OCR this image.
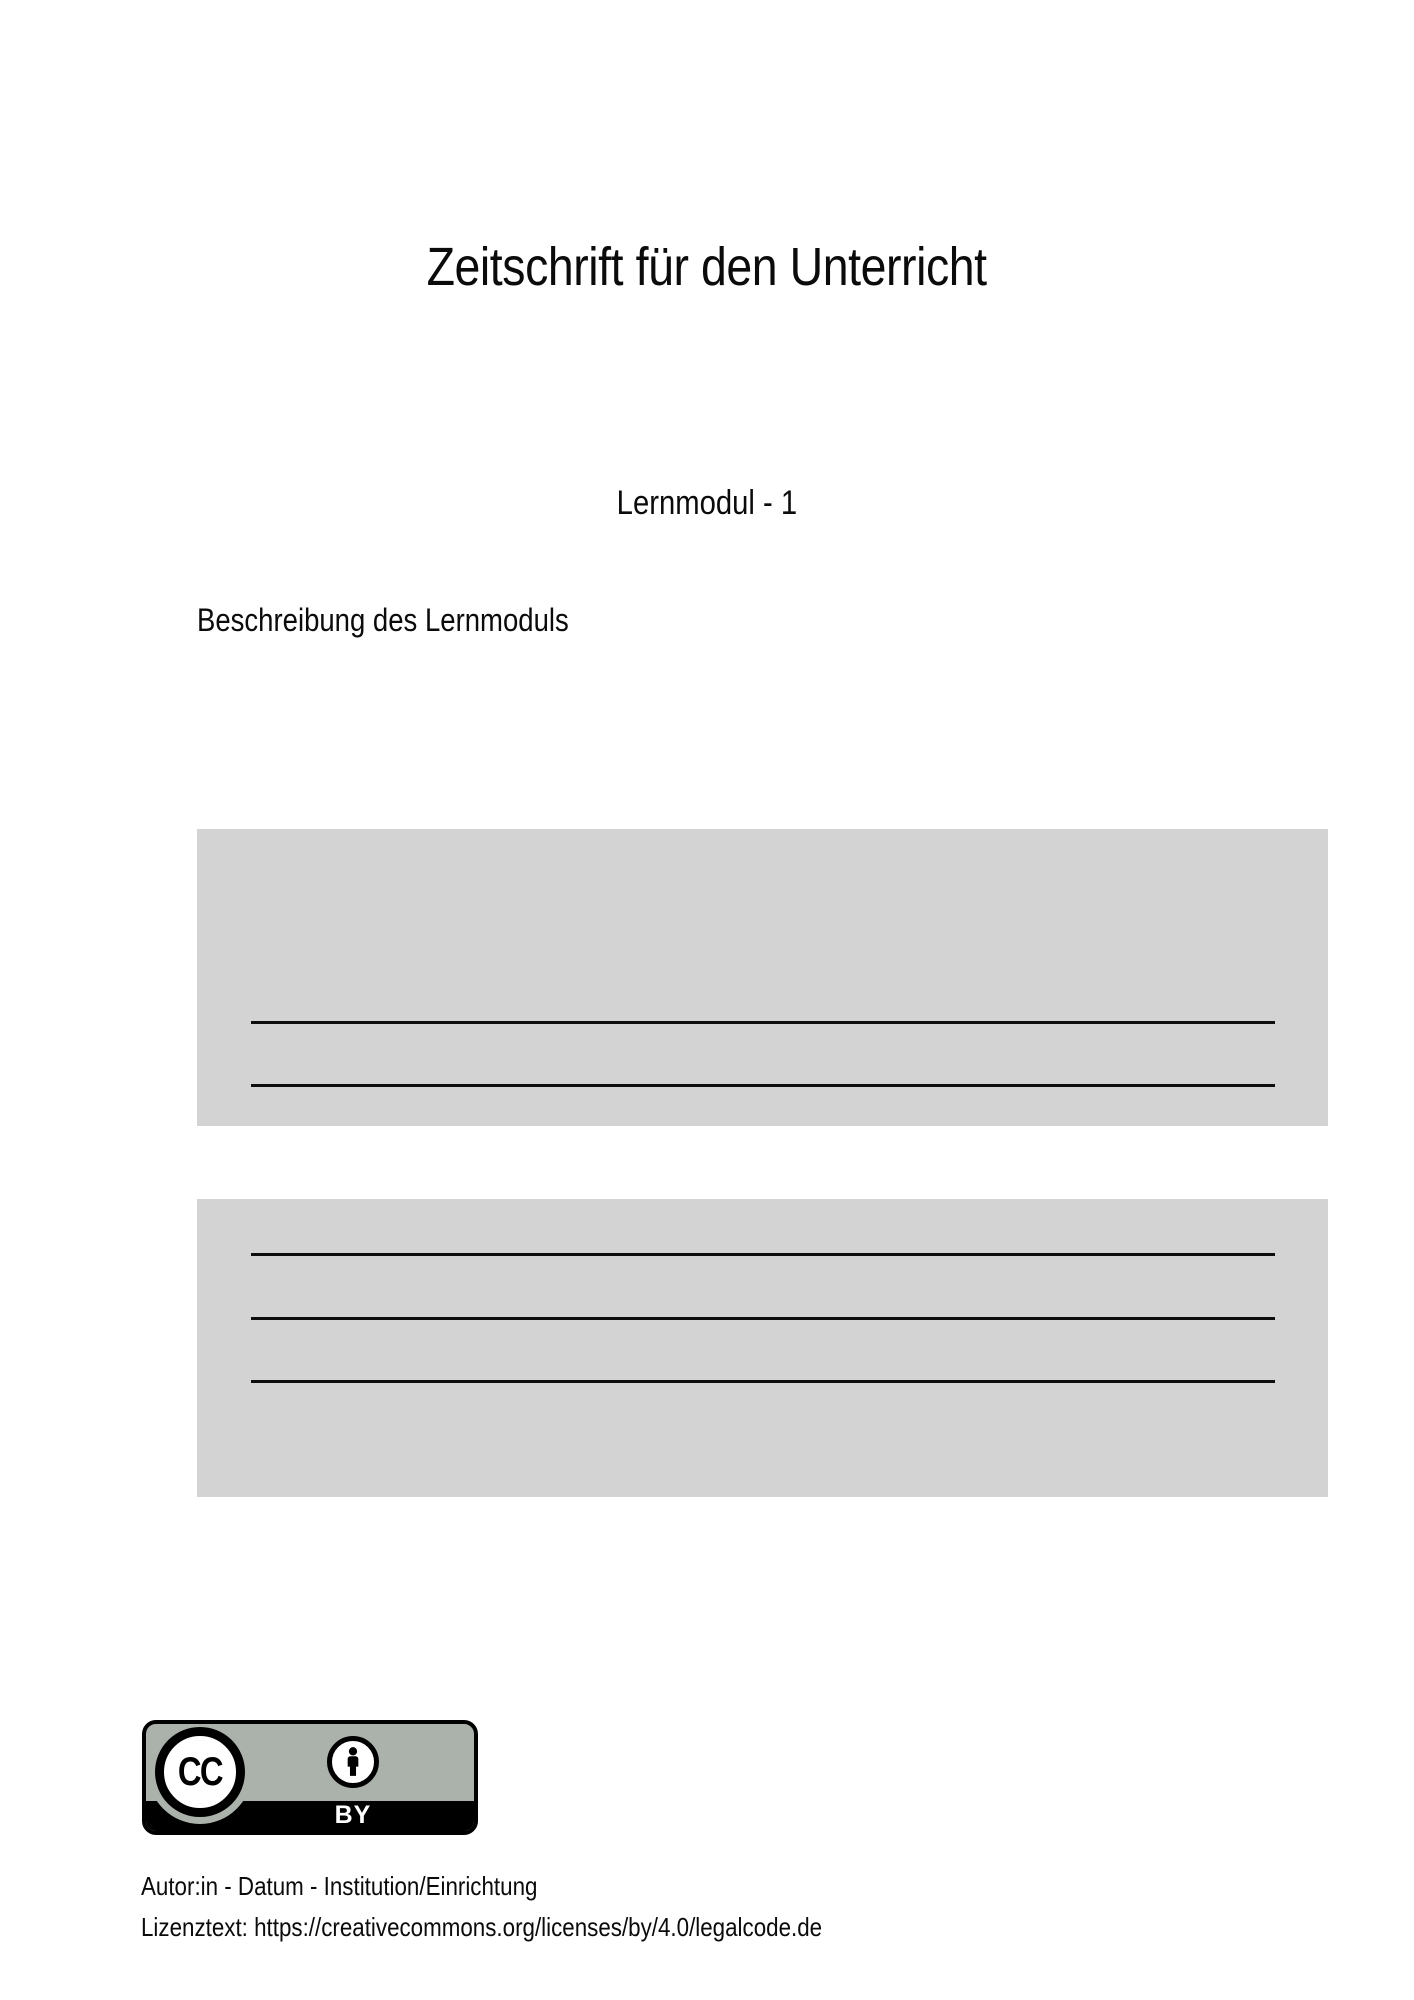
Zeitschrift für den Unterricht
Lernmodul - 1
Beschreibung des Lernmoduls
CC
BY
Autor:in - Datum - Institution/Einrichtung
Lizenztext: https://creativecommons.org/licenses/by/4.0/legalcode.de
